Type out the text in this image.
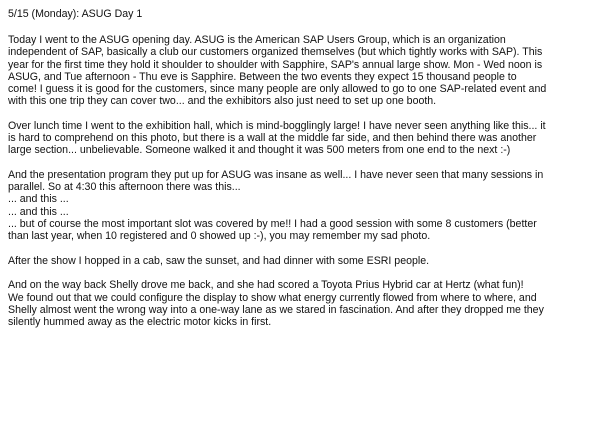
5/15 (Monday): ASUG Day 1
Today I went to the ASUG opening day. ASUG is the American SAP Users Group, which is an organization
independent of SAP, basically a club our customers organized themselves (but which tightly works with SAP). This
year for the first time they hold it shoulder to shoulder with Sapphire, SAP's annual large show. Mon - Wed noon is
ASUG, and Tue afternoon - Thu eve is Sapphire. Between the two events they expect 15 thousand people to
come! I guess it is good for the customers, since many people are only allowed to go to one SAP-related event and
with this one trip they can cover two... and the exhibitors also just need to set up one booth.
Over lunch time I went to the exhibition hall, which is mind-bogglingly large! I have never seen anything like this... it
is hard to comprehend on this photo, but there is a wall at the middle far side, and then behind there was another
large section... unbelievable. Someone walked it and thought it was 500 meters from one end to the next :-)
And the presentation program they put up for ASUG was insane as well... I have never seen that many sessions in
parallel. So at 4:30 this afternoon there was this...
... and this ...
... and this ...
... but of course the most important slot was covered by me!! I had a good session with some 8 customers (better
than last year, when 10 registered and 0 showed up :-), you may remember my sad photo.
After the show I hopped in a cab, saw the sunset, and had dinner with some ESRI people.
And on the way back Shelly drove me back, and she had scored a Toyota Prius Hybrid car at Hertz (what fun)!
We found out that we could configure the display to show what energy currently flowed from where to where, and
Shelly almost went the wrong way into a one-way lane as we stared in fascination. And after they dropped me they
silently hummed away as the electric motor kicks in first.
